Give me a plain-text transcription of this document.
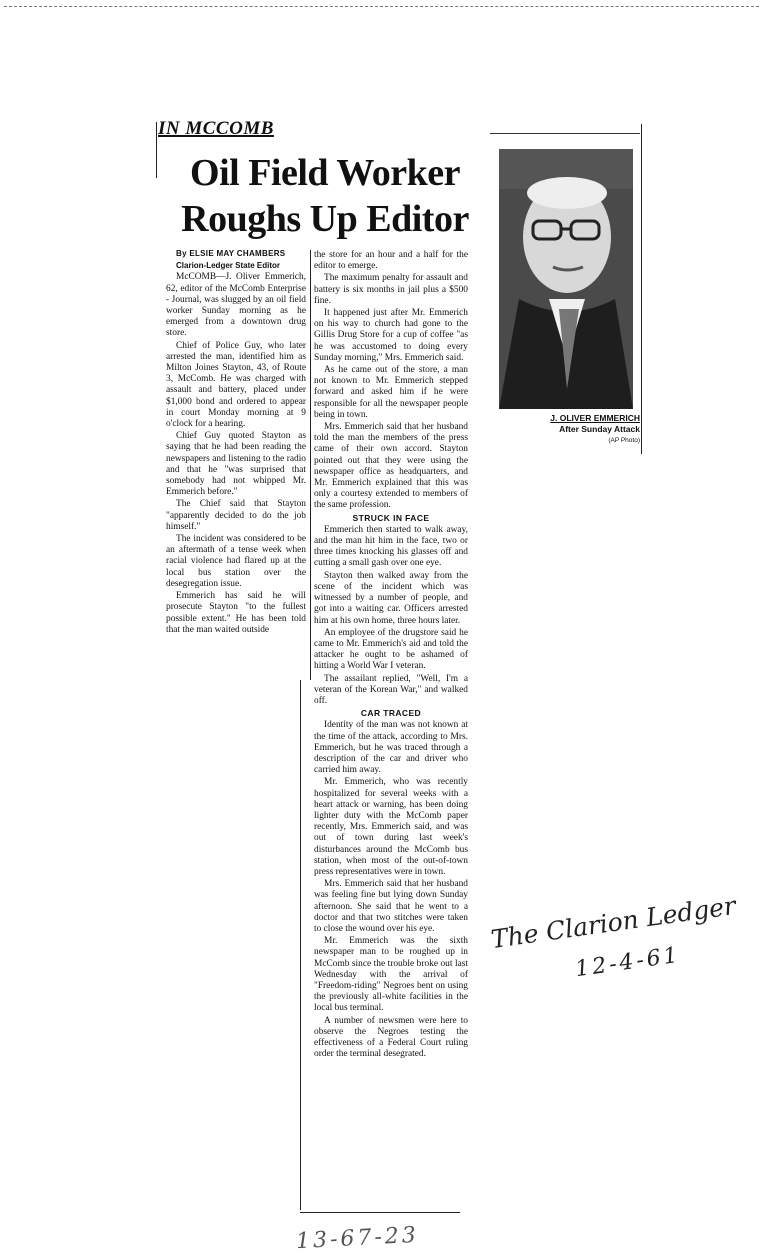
IN MCCOMB
Oil Field Worker
Roughs Up Editor
J. OLIVER EMMERICH
After Sunday Attack
(AP Photo)

By ELSIE MAY CHAMBERS

Clarion-Ledger State Editor

McCOMB—J. Oliver Emmerich, 62, editor of the McComb Enterprise - Journal, was slugged by an oil field worker Sunday morning as he emerged from a downtown drug store.

Chief of Police Guy, who later arrested the man, identified him as Milton Joines Stayton, 43, of Route 3, McComb. He was charged with assault and battery, placed under $1,000 bond and ordered to appear in court Monday morning at 9 o'clock for a hearing.

Chief Guy quoted Stayton as saying that he had been reading the newspapers and listening to the radio and that he "was surprised that somebody had not whipped Mr. Emmerich before."

The Chief said that Stayton "apparently decided to do the job himself."

The incident was considered to be an aftermath of a tense week when racial violence had flared up at the local bus station over the desegregation issue.

Emmerich has said he will prosecute Stayton "to the fullest possible extent." He has been told that the man waited outside

the store for an hour and a half for the editor to emerge.

The maximum penalty for assault and battery is six months in jail plus a $500 fine.

It happened just after Mr. Emmerich on his way to church had gone to the Gillis Drug Store for a cup of coffee "as he was accustomed to doing every Sunday morning," Mrs. Emmerich said.

As he came out of the store, a man not known to Mr. Emmerich stepped forward and asked him if he were responsible for all the newspaper people being in town.

Mrs. Emmerich said that her husband told the man the members of the press came of their own accord. Stayton pointed out that they were using the newspaper office as headquarters, and Mr. Emmerich explained that this was only a courtesy extended to members of the same profession.

STRUCK IN FACE

Emmerich then started to walk away, and the man hit him in the face, two or three times knocking his glasses off and cutting a small gash over one eye.

Stayton then walked away from the scene of the incident which was witnessed by a number of people, and got into a waiting car. Officers arrested him at his own home, three hours later.

An employee of the drugstore said he came to Mr. Emmerich's aid and told the attacker he ought to be ashamed of hitting a World War I veteran.

The assailant replied, "Well, I'm a veteran of the Korean War," and walked off.

CAR TRACED

Identity of the man was not known at the time of the attack, according to Mrs. Emmerich, but he was traced through a description of the car and driver who carried him away.

Mr. Emmerich, who was recently hospitalized for several weeks with a heart attack or warning, has been doing lighter duty with the McComb paper recently, Mrs. Emmerich said, and was out of town during last week's disturbances around the McComb bus station, when most of the out-of-town press representatives were in town.

Mrs. Emmerich said that her husband was feeling fine but lying down Sunday afternoon. She said that he went to a doctor and that two stitches were taken to close the wound over his eye.

Mr. Emmerich was the sixth newspaper man to be roughed up in McComb since the trouble broke out last Wednesday with the arrival of "Freedom-riding" Negroes bent on using the previously all-white facilities in the local bus terminal.

A number of newsmen were here to observe the Negroes testing the effectiveness of a Federal Court ruling order the terminal desegrated.

The Clarion Ledger
12-4-61
13-67-23
